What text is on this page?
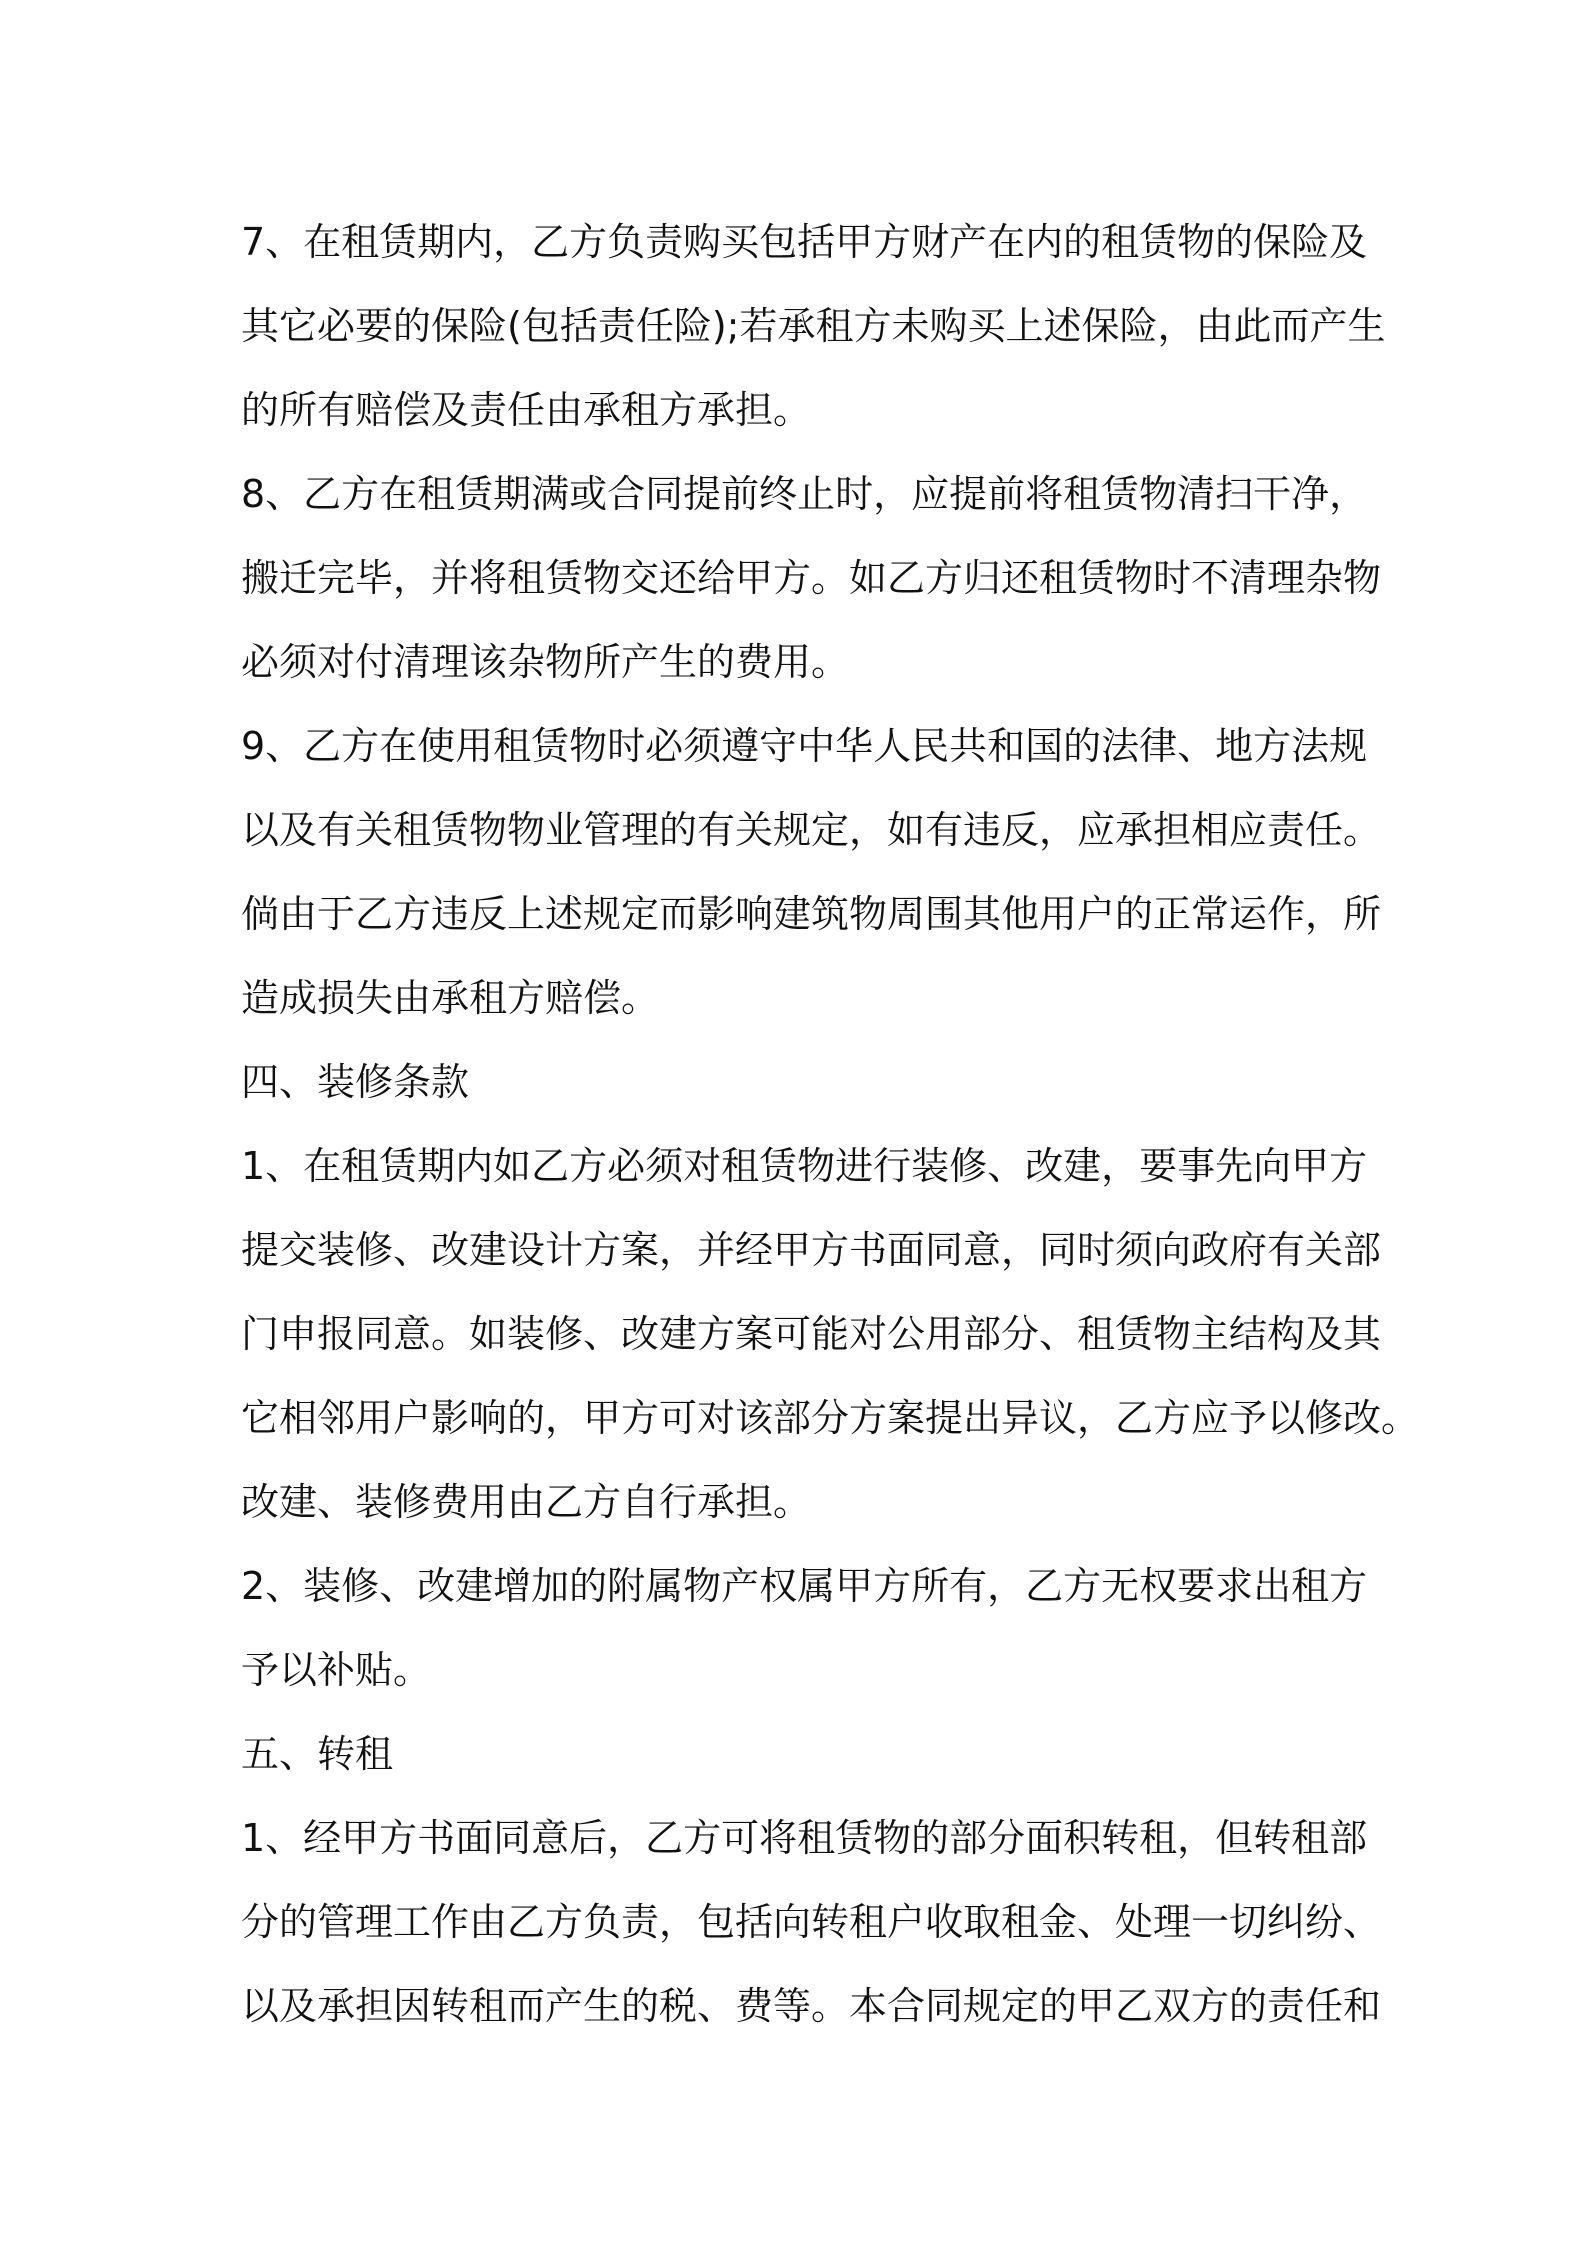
7、在租赁期内，乙方负责购买包括甲方财产在内的租赁物的保险及
其它必要的保险(包括责任险);若承租方未购买上述保险，由此而产生
的所有赔偿及责任由承租方承担。
8、乙方在租赁期满或合同提前终止时，应提前将租赁物清扫干净，
搬迁完毕，并将租赁物交还给甲方。如乙方归还租赁物时不清理杂物
必须对付清理该杂物所产生的费用。
9、乙方在使用租赁物时必须遵守中华人民共和国的法律、地方法规
以及有关租赁物物业管理的有关规定，如有违反，应承担相应责任。
倘由于乙方违反上述规定而影响建筑物周围其他用户的正常运作，所
造成损失由承租方赔偿。
四、装修条款
1、在租赁期内如乙方必须对租赁物进行装修、改建，要事先向甲方
提交装修、改建设计方案，并经甲方书面同意，同时须向政府有关部
门申报同意。如装修、改建方案可能对公用部分、租赁物主结构及其
它相邻用户影响的，甲方可对该部分方案提出异议，乙方应予以修改。
改建、装修费用由乙方自行承担。
2、装修、改建增加的附属物产权属甲方所有，乙方无权要求出租方
予以补贴。
五、转租
1、经甲方书面同意后，乙方可将租赁物的部分面积转租，但转租部
分的管理工作由乙方负责，包括向转租户收取租金、处理一切纠纷、
以及承担因转租而产生的税、费等。本合同规定的甲乙双方的责任和
